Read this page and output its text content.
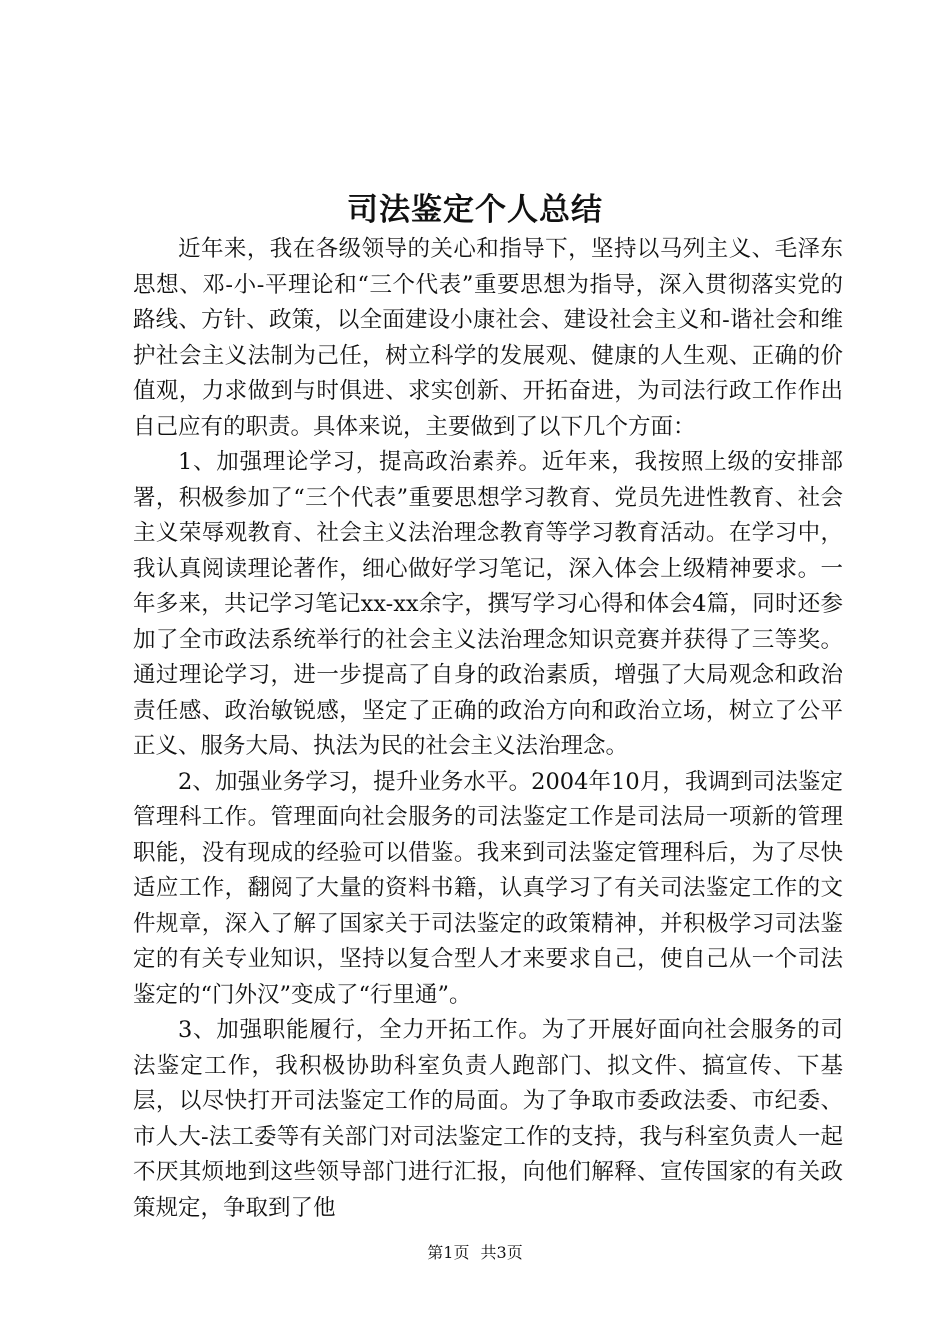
司法鉴定个人总结

近年来，我在各级领导的关心和指导下，坚持以马列主义、毛泽东思想、邓-小-平理论和“三个代表”重要思想为指导，深入贯彻落实党的路线、方针、政策，以全面建设小康社会、建设社会主义和-谐社会和维护社会主义法制为己任，树立科学的发展观、健康的人生观、正确的价值观，力求做到与时俱进、求实创新、开拓奋进，为司法行政工作作出自己应有的职责。具体来说，主要做到了以下几个方面：

1、加强理论学习，提高政治素养。近年来，我按照上级的安排部署，积极参加了“三个代表”重要思想学习教育、党员先进性教育、社会主义荣辱观教育、社会主义法治理念教育等学习教育活动。在学习中，我认真阅读理论著作，细心做好学习笔记，深入体会上级精神要求。一年多来，共记学习笔记xx-xx余字，撰写学习心得和体会4篇，同时还参加了全市政法系统举行的社会主义法治理念知识竞赛并获得了三等奖。通过理论学习，进一步提高了自身的政治素质，增强了大局观念和政治责任感、政治敏锐感，坚定了正确的政治方向和政治立场，树立了公平正义、服务大局、执法为民的社会主义法治理念。

2、加强业务学习，提升业务水平。2004年10月，我调到司法鉴定管理科工作。管理面向社会服务的司法鉴定工作是司法局一项新的管理职能，没有现成的经验可以借鉴。我来到司法鉴定管理科后，为了尽快适应工作，翻阅了大量的资料书籍，认真学习了有关司法鉴定工作的文件规章，深入了解了国家关于司法鉴定的政策精神，并积极学习司法鉴定的有关专业知识，坚持以复合型人才来要求自己，使自己从一个司法鉴定的“门外汉”变成了“行里通”。

3、加强职能履行，全力开拓工作。为了开展好面向社会服务的司法鉴定工作，我积极协助科室负责人跑部门、拟文件、搞宣传、下基层，以尽快打开司法鉴定工作的局面。为了争取市委政法委、市纪委、市人大-法工委等有关部门对司法鉴定工作的支持，我与科室负责人一起不厌其烦地到这些领导部门进行汇报，向他们解释、宣传国家的有关政策规定，争取到了他

第1页 共3页
